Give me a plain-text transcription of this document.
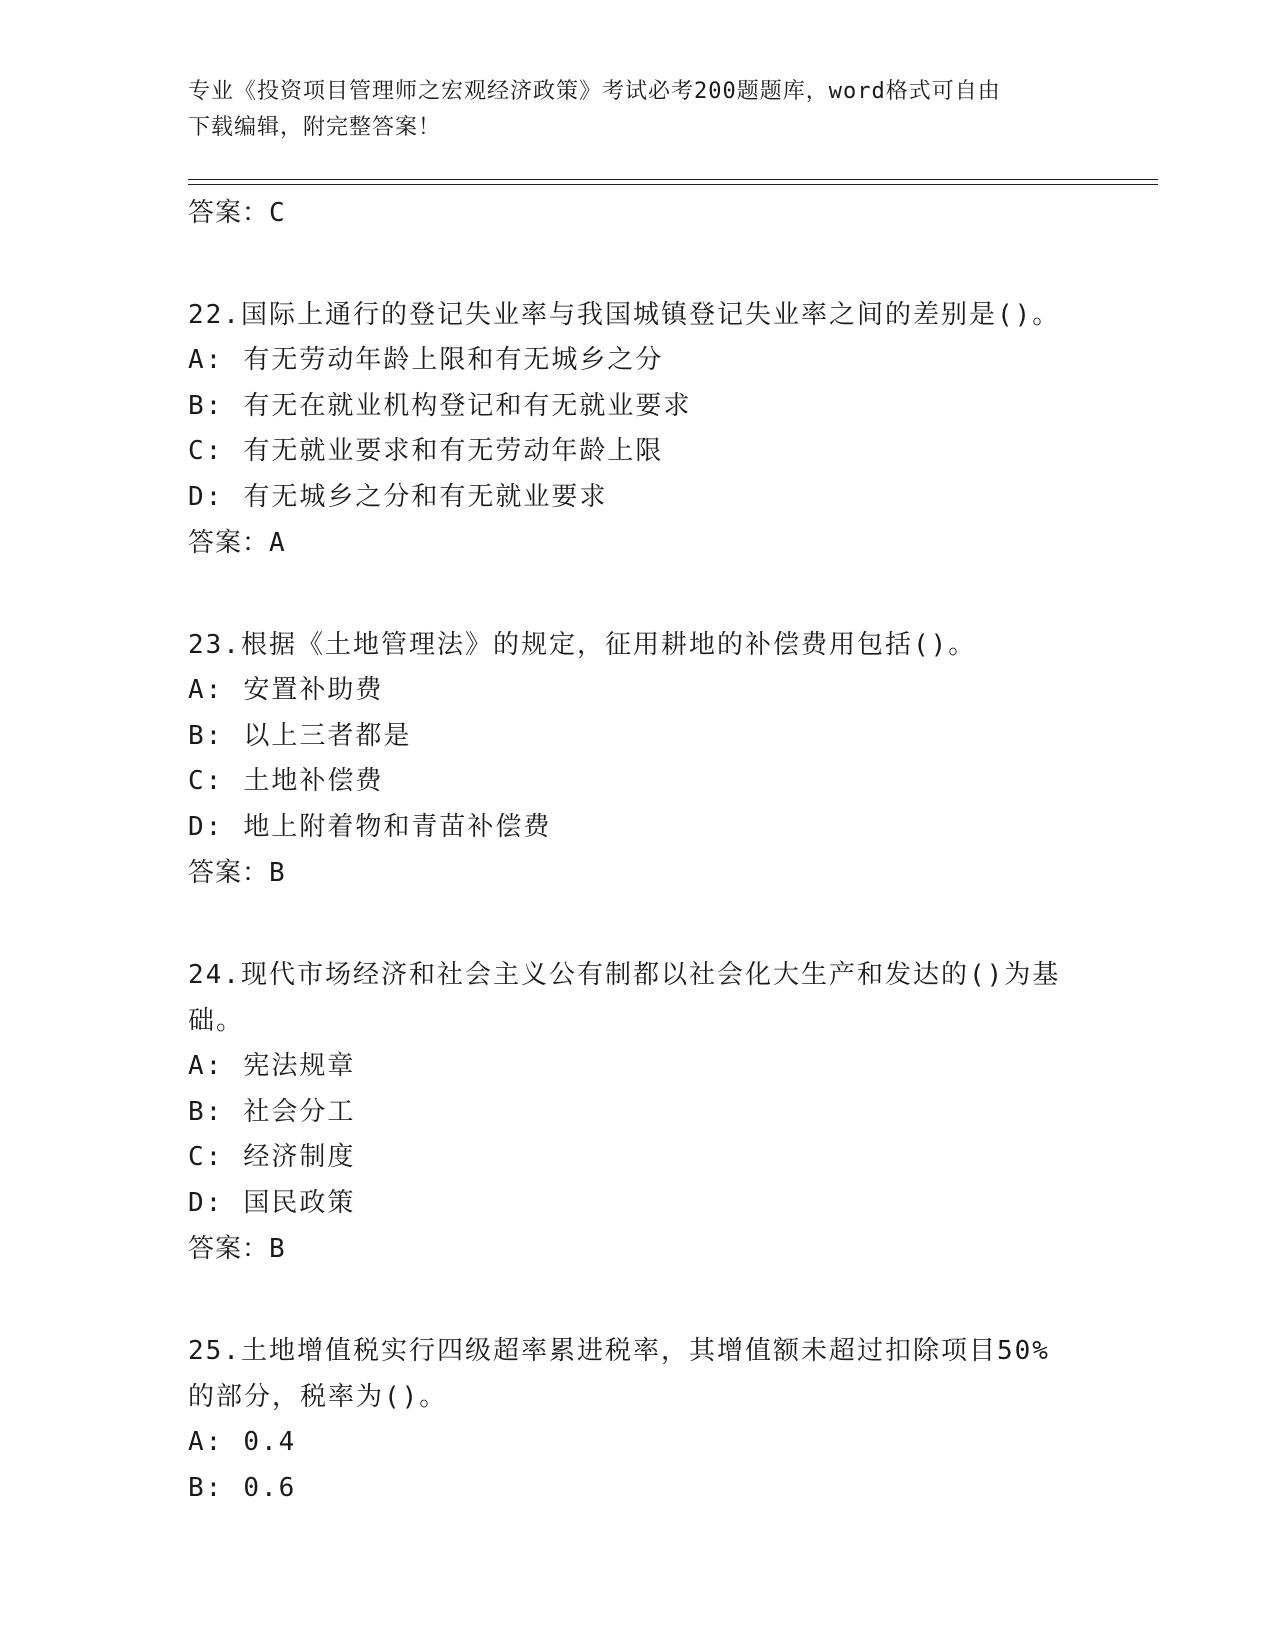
专业《投资项目管理师之宏观经济政策》考试必考200题题库，word格式可自由
下载编辑，附完整答案！

答案：C

22.国际上通行的登记失业率与我国城镇登记失业率之间的差别是()。

A: 有无劳动年龄上限和有无城乡之分

B: 有无在就业机构登记和有无就业要求

C: 有无就业要求和有无劳动年龄上限

D: 有无城乡之分和有无就业要求

答案：A

23.根据《土地管理法》的规定，征用耕地的补偿费用包括()。

A: 安置补助费

B: 以上三者都是

C: 土地补偿费

D: 地上附着物和青苗补偿费

答案：B

24.现代市场经济和社会主义公有制都以社会化大生产和发达的()为基

础。

A: 宪法规章

B: 社会分工

C: 经济制度

D: 国民政策

答案：B

25.土地增值税实行四级超率累进税率，其增值额未超过扣除项目50%

的部分，税率为()。

A: 0.4

B: 0.6
